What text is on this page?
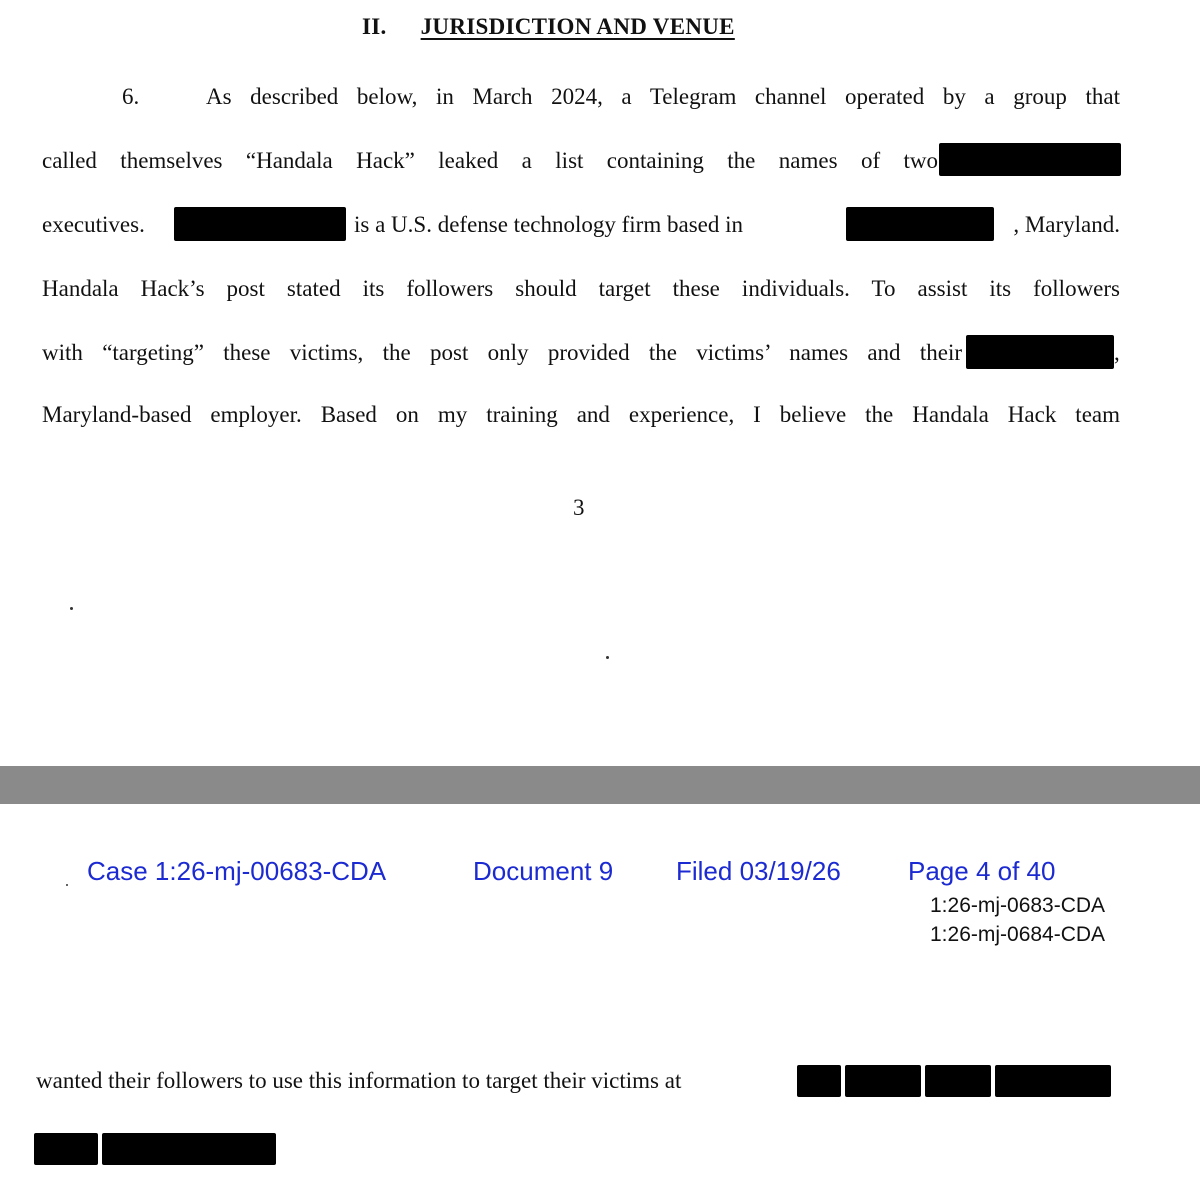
II. JURISDICTION AND VENUE
6.	As described below, in March 2024, a Telegram channel operated by a group that
called themselves “Handala Hack” leaked a list containing the names of two
executives.	is a U.S. defense technology firm based in	, Maryland.
Handala Hack’s post stated its followers should target these individuals. To assist its followers
with “targeting” these victims, the post only provided the victims’ names and their	,
Maryland-based employer. Based on my training and experience, I believe the Handala Hack team
3
Case 1:26-mj-00683-CDA	Document 9 Filed 03/19/26	Page 4 of 40
1:26-mj-0683-CDA
1:26-mj-0684-CDA
wanted their followers to use this information to target their victims at
